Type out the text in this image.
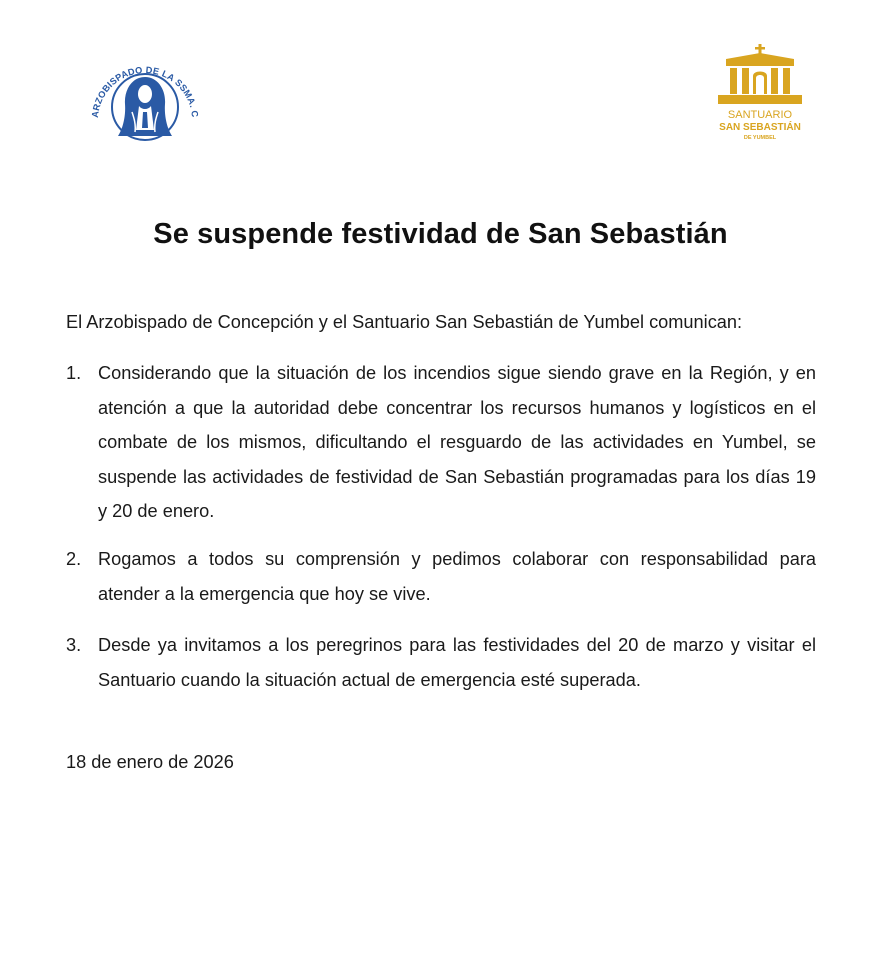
ARZOBISPADO DE LA SSMA. C	SANTUARIO
SAN SEBASTIÁN
DE YUMBEL
Se suspende festividad de San Sebastián

El Arzobispado de Concepción y el Santuario San Sebastián de Yumbel comunican:

1. Considerando que la situación de los incendios sigue siendo grave en la Región, y en atención a que la autoridad debe concentrar los recursos humanos y logísticos en el combate de los mismos, dificultando el resguardo de las actividades en Yumbel, se suspende las actividades de festividad de San Sebastián programadas para los días 19 y 20 de enero.
2. Rogamos a todos su comprensión y pedimos colaborar con responsabilidad para atender a la emergencia que hoy se vive.
3. Desde ya invitamos a los peregrinos para las festividades del 20 de marzo y visitar el Santuario cuando la situación actual de emergencia esté superada.

18 de enero de 2026
